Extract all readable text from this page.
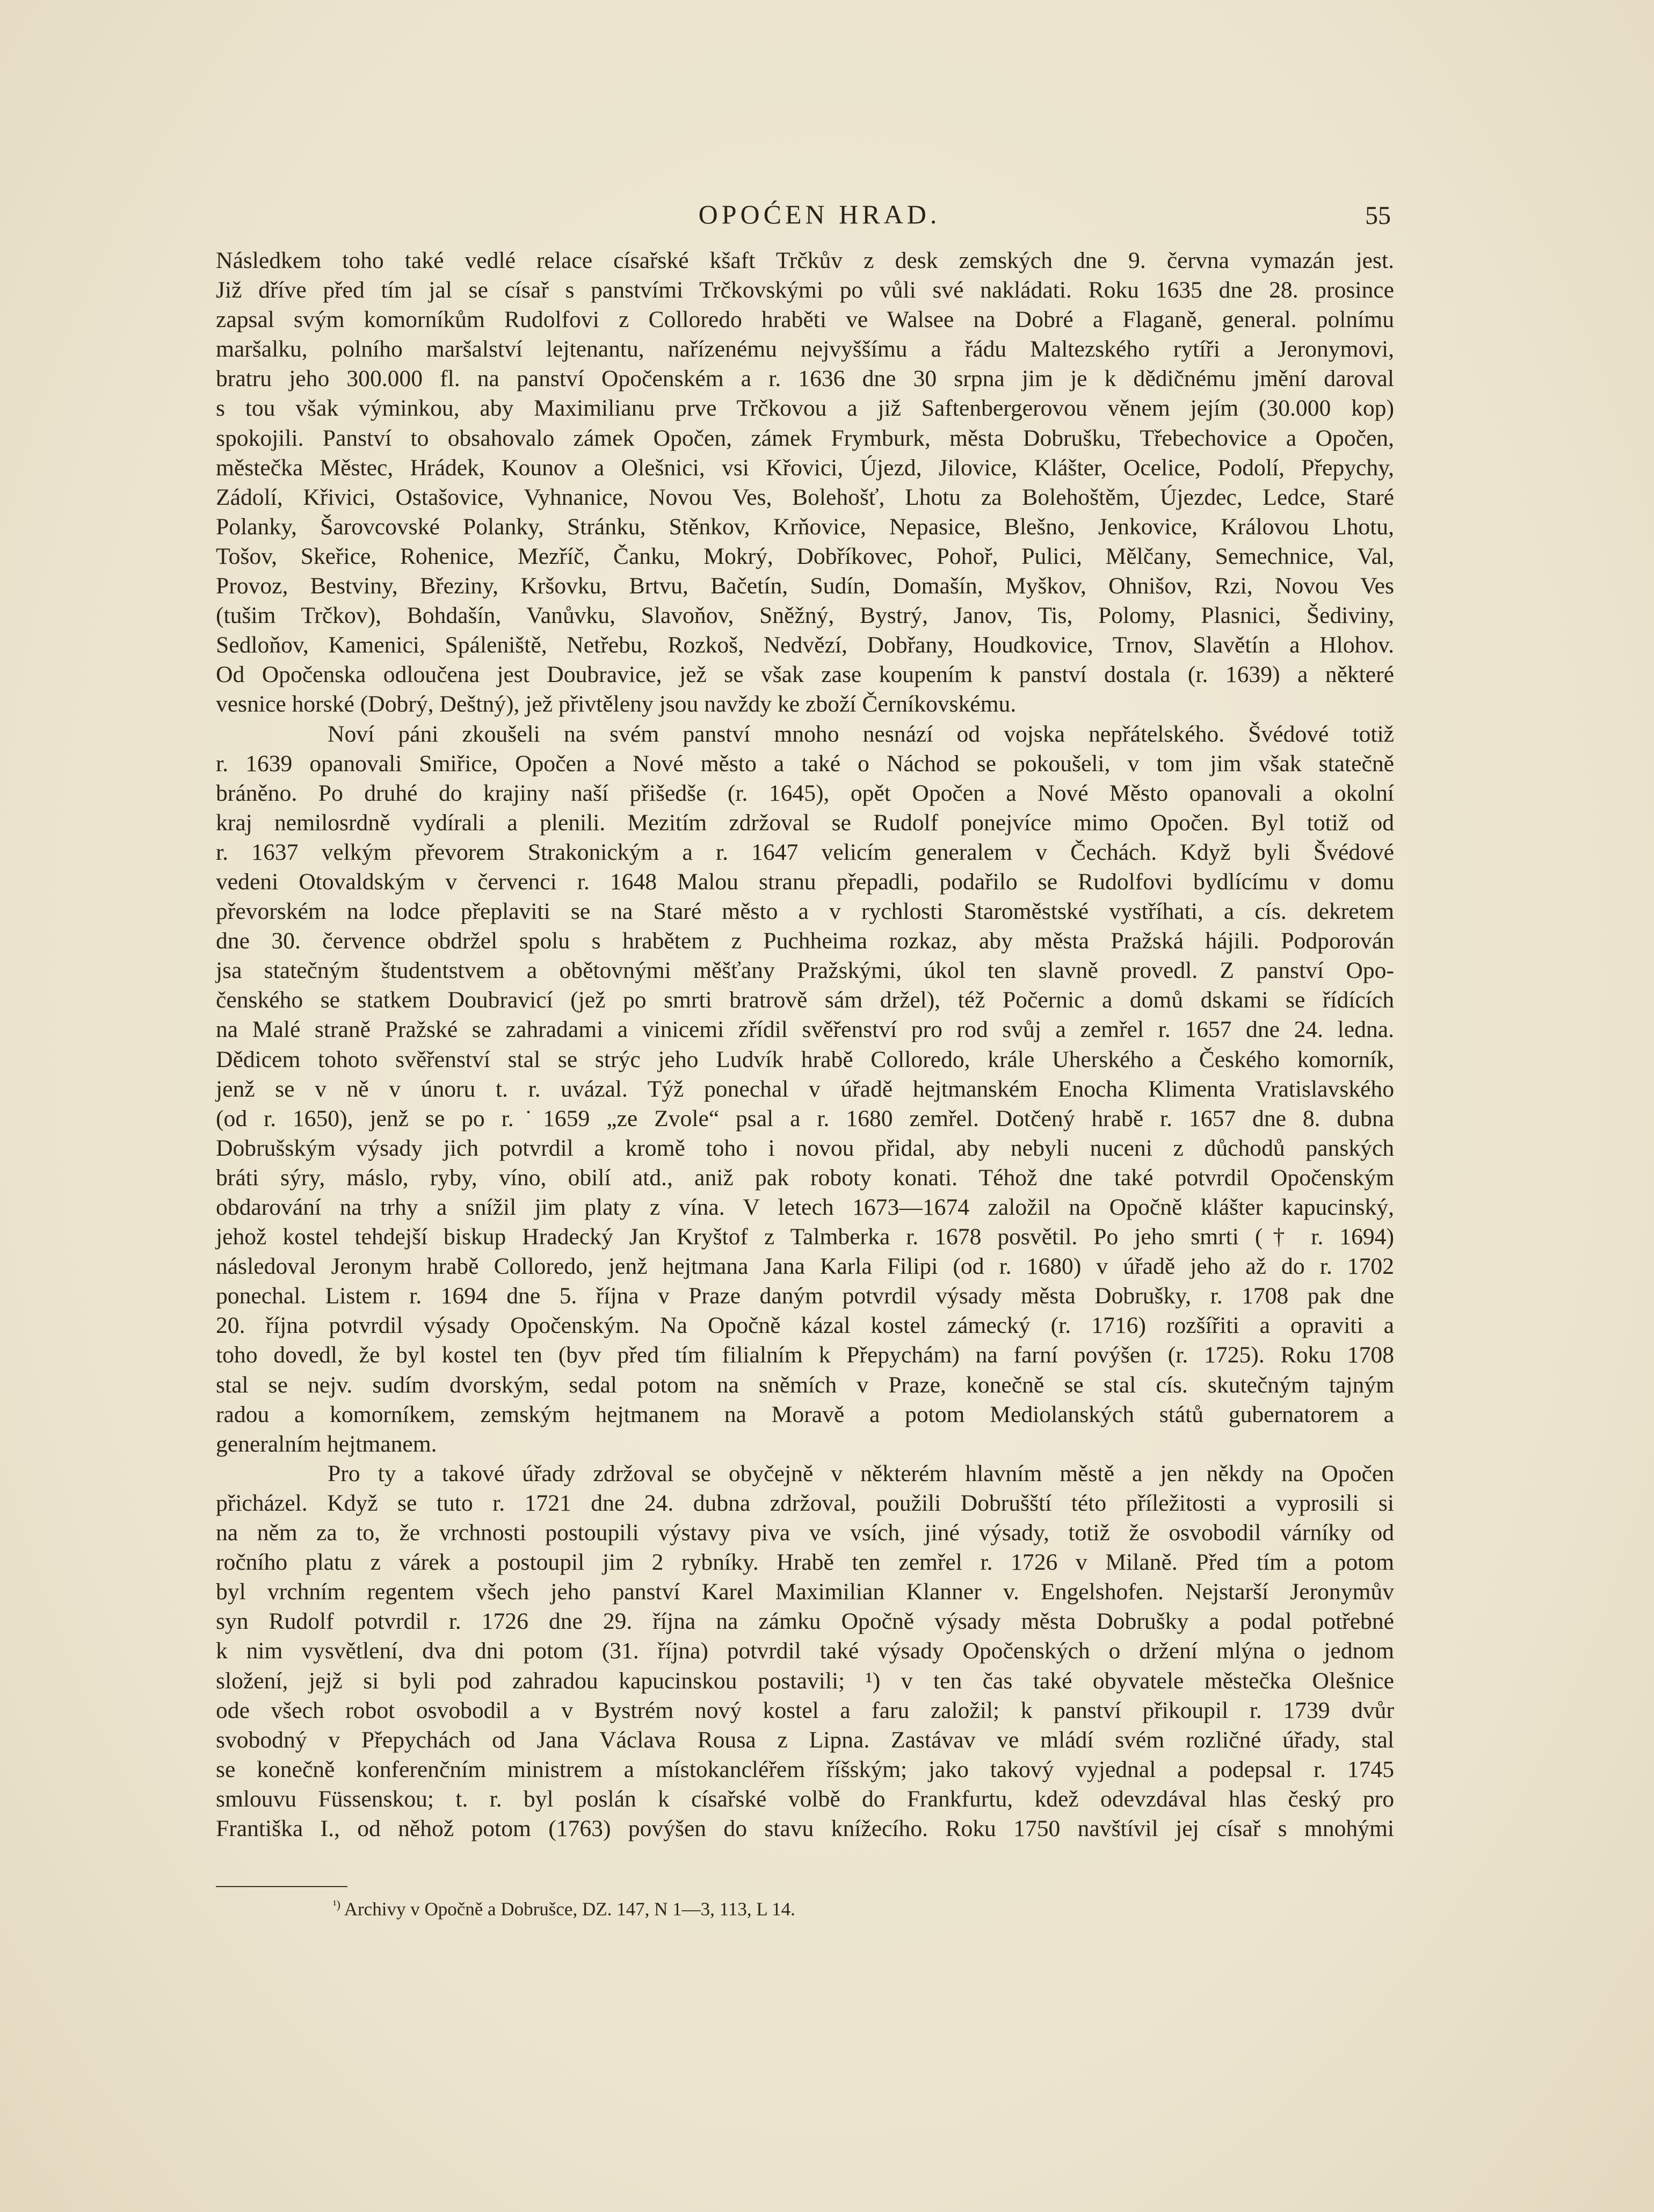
OPOĆEN HRAD.	55
Následkem toho také vedlé relace císařské kšaft Trčkův z desk zemských dne 9. června vymazán jest.
Již dříve před tím jal se císař s panstvími Trčkovskými po vůli své nakládati. Roku 1635 dne 28. prosince
zapsal svým komorníkům Rudolfovi z Colloredo hraběti ve Walsee na Dobré a Flaganě, general. polnímu
maršalku, polního maršalství lejtenantu, nařízenému nejvyššímu a řádu Maltezského rytíři a Jeronymovi,
bratru jeho 300.000 fl. na panství Opočenském a r. 1636 dne 30 srpna jim je k dědičnému jmění daroval
s tou však výminkou, aby Maximilianu prve Trčkovou a již Saftenbergerovou věnem jejím (30.000 kop)
spokojili. Panství to obsahovalo zámek Opočen, zámek Frymburk, města Dobrušku, Třebechovice a Opočen,
městečka Městec, Hrádek, Kounov a Olešnici, vsi Křovici, Újezd, Jilovice, Klášter, Ocelice, Podolí, Přepychy,
Zádolí, Křivici, Ostašovice, Vyhnanice, Novou Ves, Bolehošť, Lhotu za Bolehoštěm, Újezdec, Ledce, Staré
Polanky, Šarovcovské Polanky, Stránku, Stěnkov, Krňovice, Nepasice, Blešno, Jenkovice, Královou Lhotu,
Tošov, Skeřice, Rohenice, Mezříč, Čanku, Mokrý, Dobříkovec, Pohoř, Pulici, Mělčany, Semechnice, Val,
Provoz, Bestviny, Březiny, Kršovku, Brtvu, Bačetín, Sudín, Domašín, Myškov, Ohnišov, Rzi, Novou Ves
(tušim Trčkov), Bohdašín, Vanůvku, Slavoňov, Sněžný, Bystrý, Janov, Tis, Polomy, Plasnici, Šediviny,
Sedloňov, Kamenici, Spáleniště, Netřebu, Rozkoš, Nedvězí, Dobřany, Houdkovice, Trnov, Slavětín a Hlohov.
Od Opočenska odloučena jest Doubravice, jež se však zase koupením k panství dostala (r. 1639) a některé
vesnice horské (Dobrý, Deštný), jež přivtěleny jsou navždy ke zboží Černíkovskému.
Noví páni zkoušeli na svém panství mnoho nesnází od vojska nepřátelského. Švédové totiž
r. 1639 opanovali Smiřice, Opočen a Nové město a také o Náchod se pokoušeli, v tom jim však statečně
bráněno. Po druhé do krajiny naší přišedše (r. 1645), opět Opočen a Nové Město opanovali a okolní
kraj nemilosrdně vydírali a plenili. Mezitím zdržoval se Rudolf ponejvíce mimo Opočen. Byl totiž od
r. 1637 velkým převorem Strakonickým a r. 1647 velicím generalem v Čechách. Když byli Švédové
vedeni Otovaldským v červenci r. 1648 Malou stranu přepadli, podařilo se Rudolfovi bydlícímu v domu
převorském na lodce přeplaviti se na Staré město a v rychlosti Staroměstské vystříhati, a cís. dekretem
dne 30. července obdržel spolu s hrabětem z Puchheima rozkaz, aby města Pražská hájili. Podporován
jsa statečným študentstvem a obětovnými měšťany Pražskými, úkol ten slavně provedl. Z panství Opo-
čenského se statkem Doubravicí (jež po smrti bratrově sám držel), též Počernic a domů dskami se řídících
na Malé straně Pražské se zahradami a vinicemi zřídil svěřenství pro rod svůj a zemřel r. 1657 dne 24. ledna.
Dědicem tohoto svěřenství stal se strýc jeho Ludvík hrabě Colloredo, krále Uherského a Českého komorník,
jenž se v ně v únoru t. r. uvázal. Týž ponechal v úřadě hejtmanském Enocha Klimenta Vratislavského
(od r. 1650), jenž se po r.˙1659 „ze Zvole“ psal a r. 1680 zemřel. Dotčený hrabě r. 1657 dne 8. dubna
Dobrušským výsady jich potvrdil a kromě toho i novou přidal, aby nebyli nuceni z důchodů panských
bráti sýry, máslo, ryby, víno, obilí atd., aniž pak roboty konati. Téhož dne také potvrdil Opočenským
obdarování na trhy a snížil jim platy z vína. V letech 1673—1674 založil na Opočně klášter kapucinský,
jehož kostel tehdejší biskup Hradecký Jan Kryštof z Talmberka r. 1678 posvětil. Po jeho smrti († r. 1694)
následoval Jeronym hrabě Colloredo, jenž hejtmana Jana Karla Filipi (od r. 1680) v úřadě jeho až do r. 1702
ponechal. Listem r. 1694 dne 5. října v Praze daným potvrdil výsady města Dobrušky, r. 1708 pak dne
20. října potvrdil výsady Opočenským. Na Opočně kázal kostel zámecký (r. 1716) rozšířiti a opraviti a
toho dovedl, že byl kostel ten (byv před tím filialním k Přepychám) na farní povýšen (r. 1725). Roku 1708
stal se nejv. sudím dvorským, sedal potom na sněmích v Praze, konečně se stal cís. skutečným tajným
radou a komorníkem, zemským hejtmanem na Moravě a potom Mediolanských států gubernatorem a
generalním hejtmanem.
Pro ty a takové úřady zdržoval se obyčejně v některém hlavním městě a jen někdy na Opočen
přicházel. Když se tuto r. 1721 dne 24. dubna zdržoval, použili Dobrušští této příležitosti a vyprosili si
na něm za to, že vrchnosti postoupili výstavy piva ve vsích, jiné výsady, totiž že osvobodil várníky od
ročního platu z várek a postoupil jim 2 rybníky. Hrabě ten zemřel r. 1726 v Milaně. Před tím a potom
byl vrchním regentem všech jeho panství Karel Maximilian Klanner v. Engelshofen. Nejstarší Jeronymův
syn Rudolf potvrdil r. 1726 dne 29. října na zámku Opočně výsady města Dobrušky a podal potřebné
k nim vysvětlení, dva dni potom (31. října) potvrdil také výsady Opočenských o držení mlýna o jednom
složení, jejž si byli pod zahradou kapucinskou postavili; ¹) v ten čas také obyvatele městečka Olešnice
ode všech robot osvobodil a v Bystrém nový kostel a faru založil; k panství přikoupil r. 1739 dvůr
svobodný v Přepychách od Jana Václava Rousa z Lipna. Zastávav ve mládí svém rozličné úřady, stal
se konečně konferenčním ministrem a místokancléřem říšským; jako takový vyjednal a podepsal r. 1745
smlouvu Füssenskou; t. r. byl poslán k císařské volbě do Frankfurtu, kdež odevzdával hlas český pro
Františka I., od něhož potom (1763) povýšen do stavu knížecího. Roku 1750 navštívil jej císař s mnohými
$^{^1)}$ Archivy v Opočně a Dobrušce, DZ. 147, N 1—3, 113, L 14.
